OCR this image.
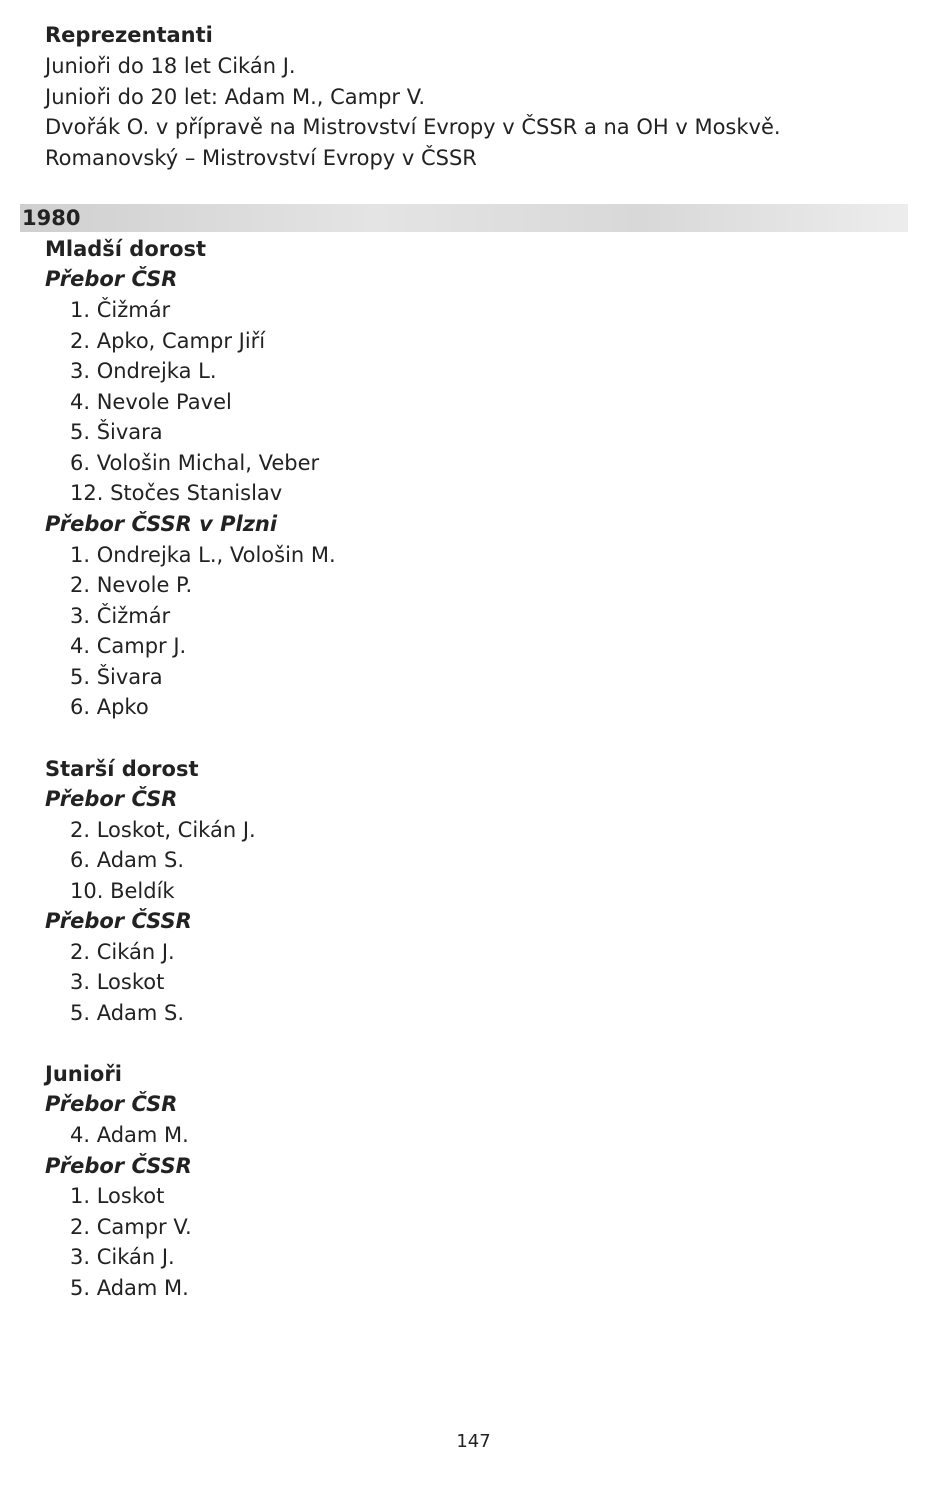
Reprezentanti
Junioři do 18 let Cikán J.
Junioři do 20 let: Adam M., Campr V.
Dvořák O. v přípravě na Mistrovství Evropy v ČSSR a na OH v Moskvě.
Romanovský – Mistrovství Evropy v ČSSR
1980
Mladší dorost
Přebor ČSR
1. Čižmár
2. Apko, Campr Jiří
3. Ondrejka L.
4. Nevole Pavel
5. Šivara
6. Vološin Michal, Veber
12. Stočes Stanislav
Přebor ČSSR v Plzni
1. Ondrejka L., Vološin M.
2. Nevole P.
3. Čižmár
4. Campr J.
5. Šivara
6. Apko
Starší dorost
Přebor ČSR
2. Loskot, Cikán J.
6. Adam S.
10. Beldík
Přebor ČSSR
2. Cikán J.
3. Loskot
5. Adam S.
Junioři
Přebor ČSR
4. Adam M.
Přebor ČSSR
1. Loskot
2. Campr V.
3. Cikán J.
5. Adam M.
147
